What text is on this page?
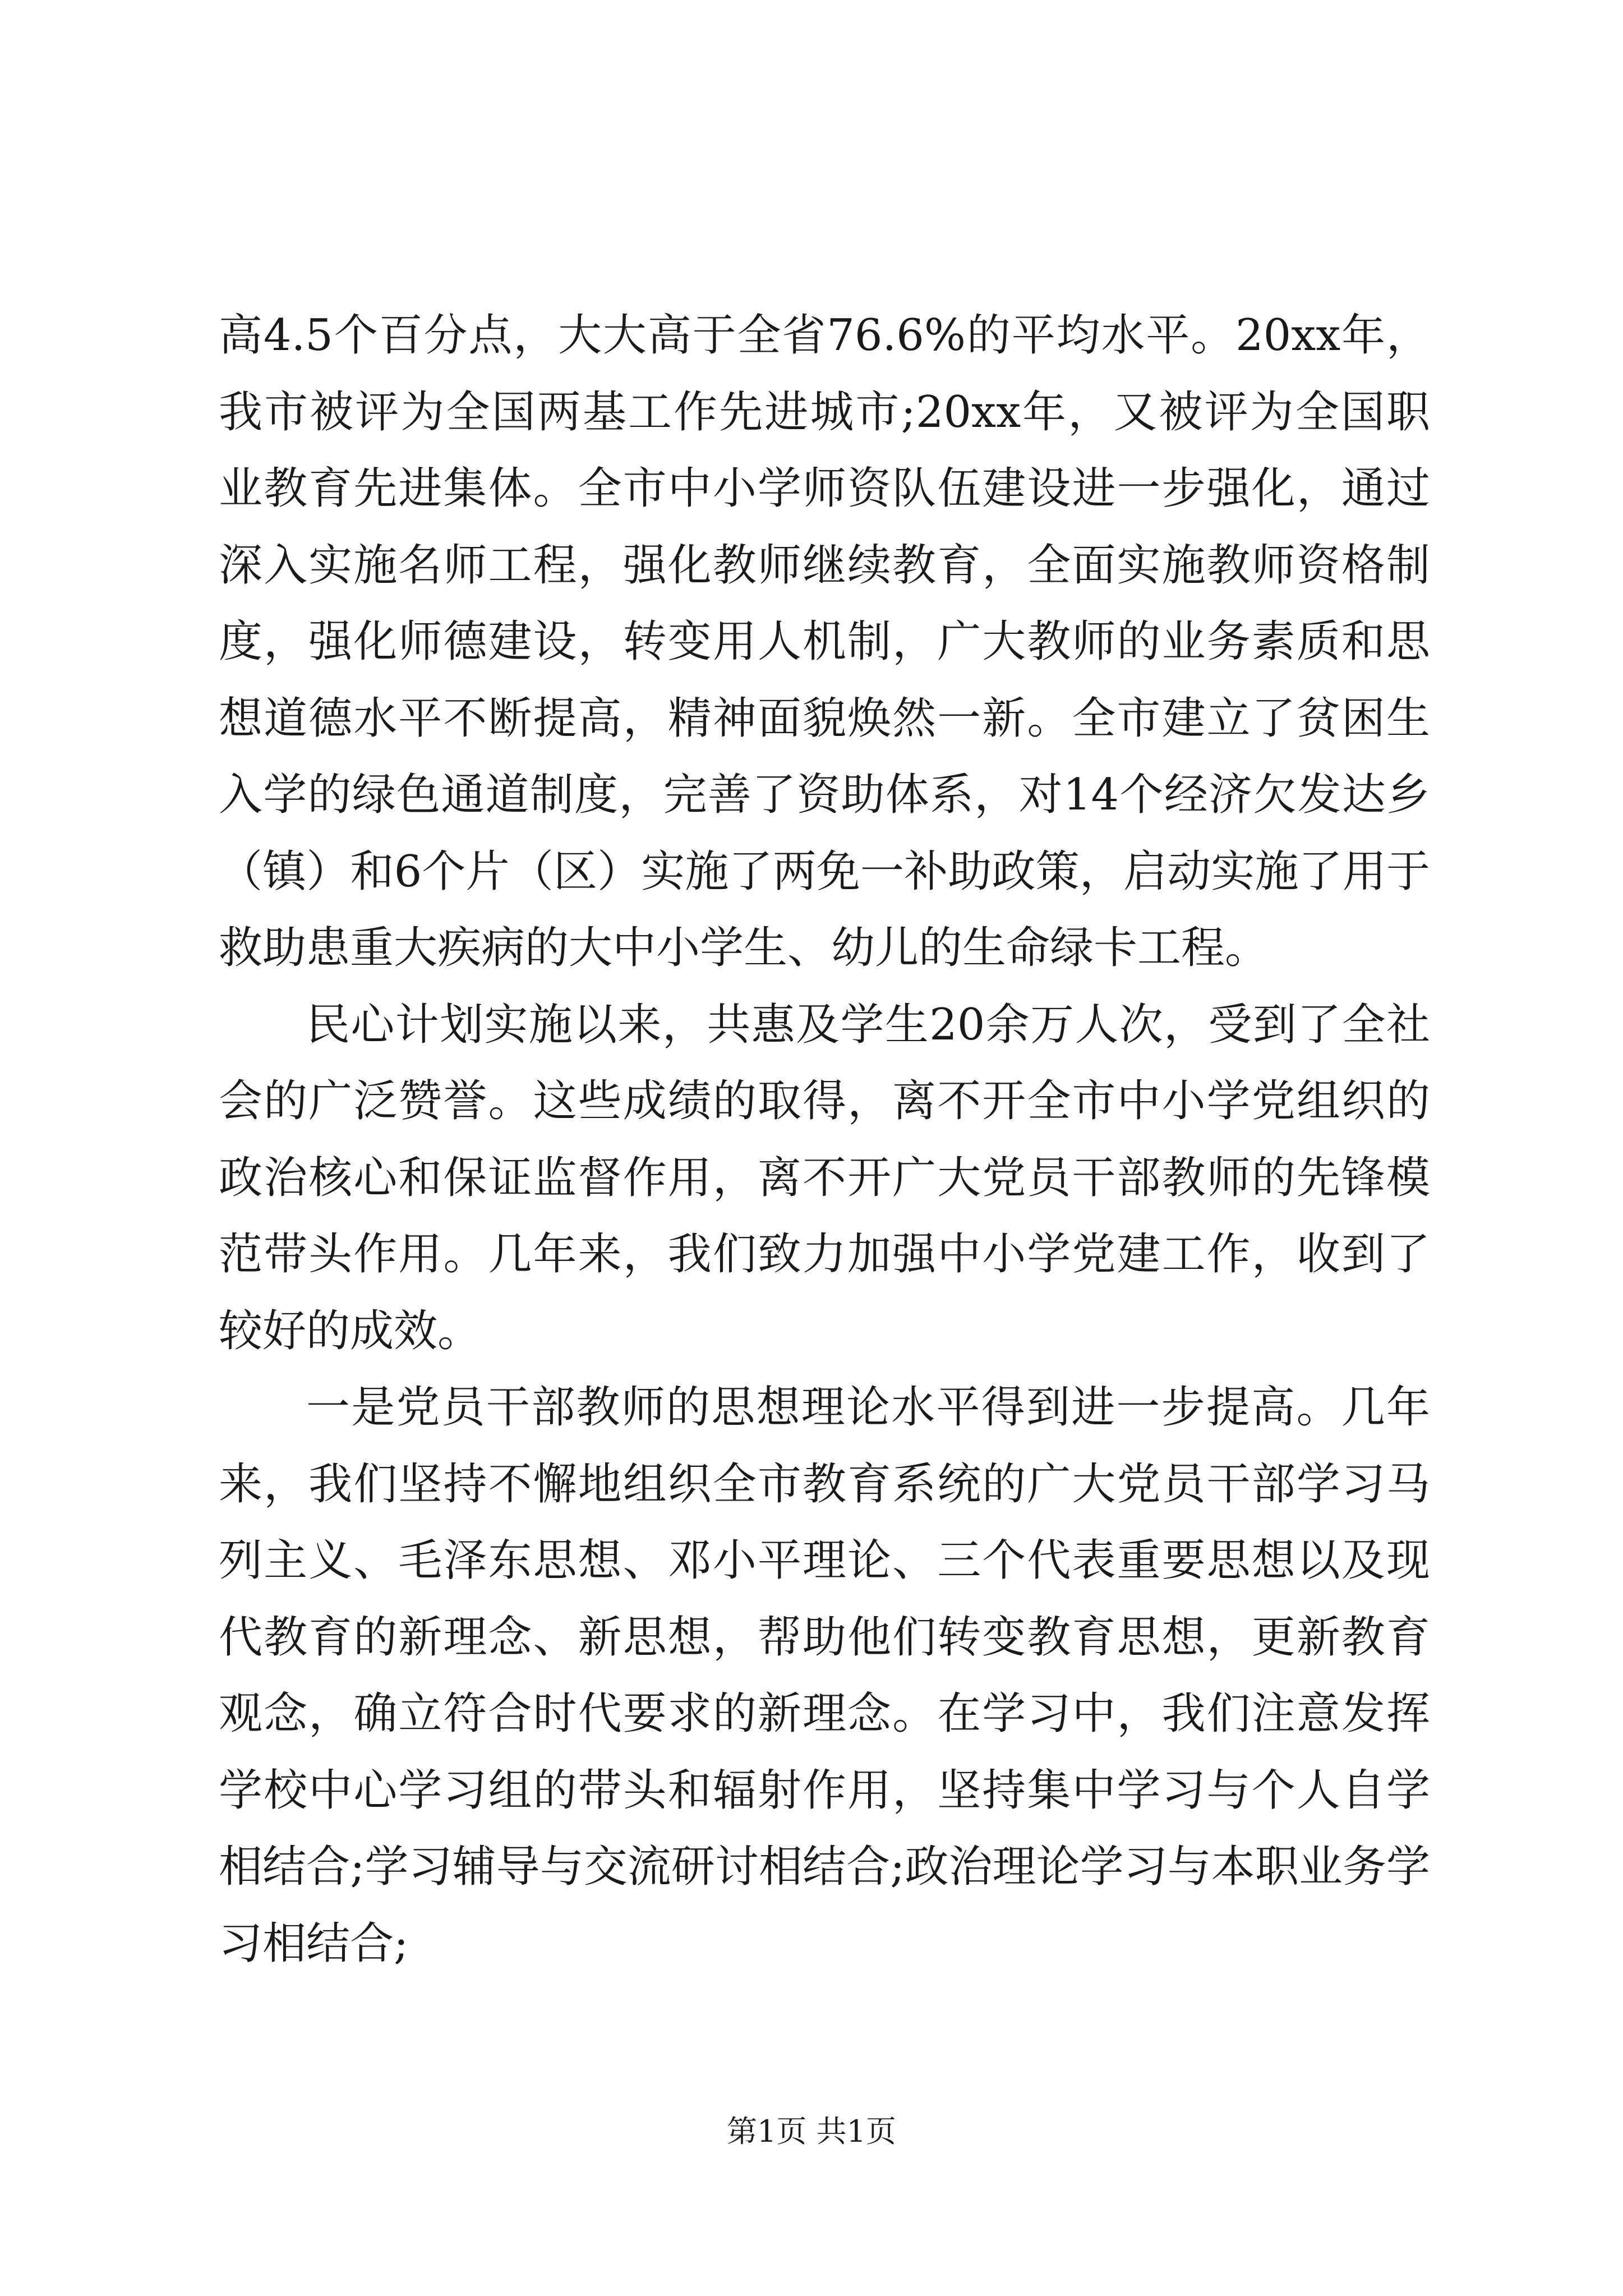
高4.5个百分点，大大高于全省76.6%的平均水平。20xx年，我市被评为全国两基工作先进城市;20xx年，又被评为全国职业教育先进集体。全市中小学师资队伍建设进一步强化，通过深入实施名师工程，强化教师继续教育，全面实施教师资格制度，强化师德建设，转变用人机制，广大教师的业务素质和思想道德水平不断提高，精神面貌焕然一新。全市建立了贫困生入学的绿色通道制度，完善了资助体系，对14个经济欠发达乡（镇）和6个片（区）实施了两免一补助政策，启动实施了用于救助患重大疾病的大中小学生、幼儿的生命绿卡工程。

民心计划实施以来，共惠及学生20余万人次，受到了全社会的广泛赞誉。这些成绩的取得，离不开全市中小学党组织的政治核心和保证监督作用，离不开广大党员干部教师的先锋模范带头作用。几年来，我们致力加强中小学党建工作，收到了较好的成效。

一是党员干部教师的思想理论水平得到进一步提高。几年来，我们坚持不懈地组织全市教育系统的广大党员干部学习马列主义、毛泽东思想、邓小平理论、三个代表重要思想以及现代教育的新理念、新思想，帮助他们转变教育思想，更新教育观念，确立符合时代要求的新理念。在学习中，我们注意发挥学校中心学习组的带头和辐射作用，坚持集中学习与个人自学相结合;学习辅导与交流研讨相结合;政治理论学习与本职业务学习相结合;

第1页 共1页
